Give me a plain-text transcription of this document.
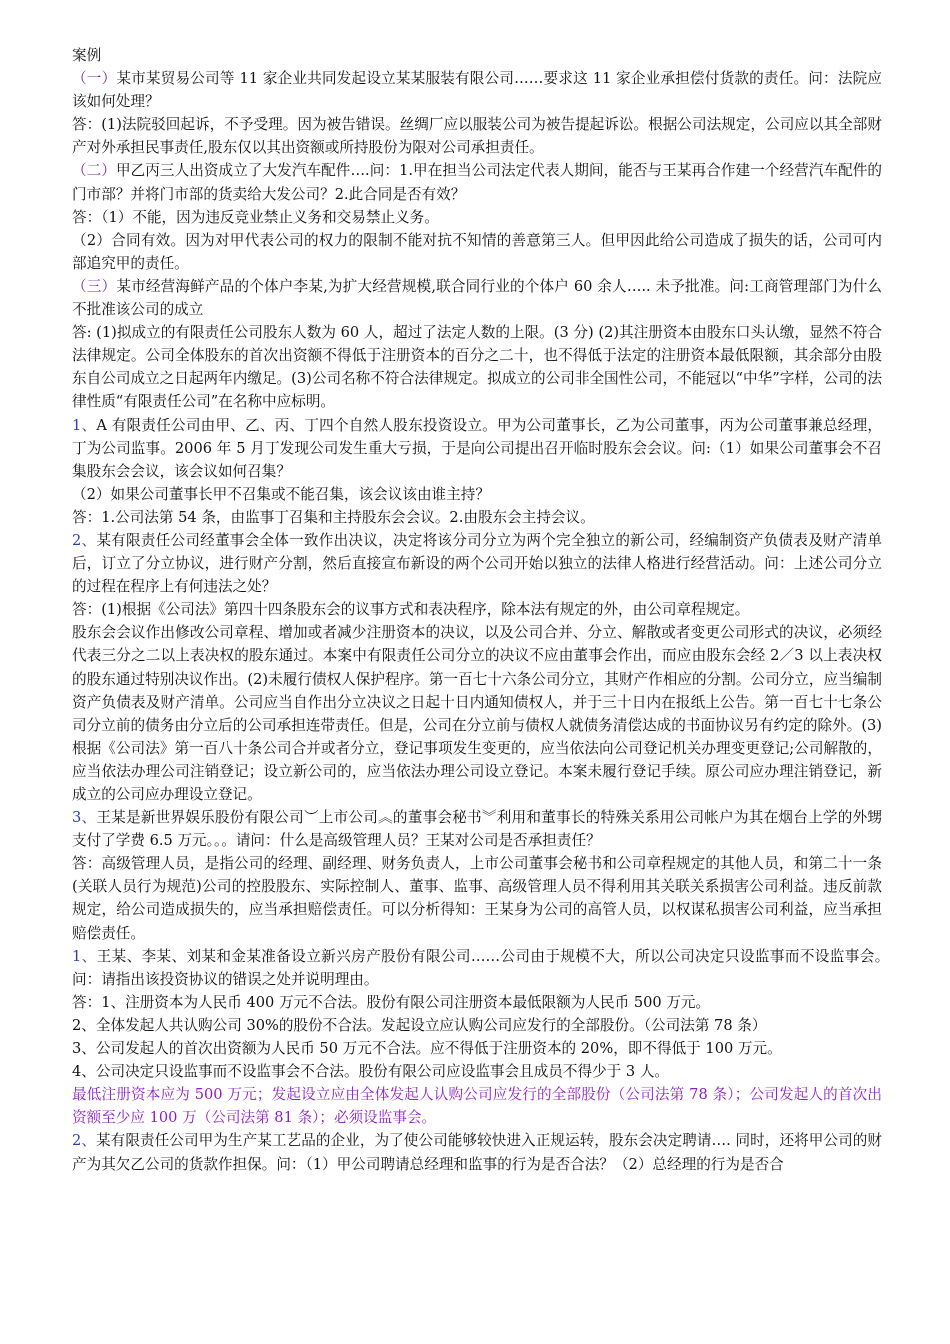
案例

（一）某市某贸易公司等 11 家企业共同发起设立某某服装有限公司……要求这 11 家企业承担偿付货款的责任。问：法院应该如何处理？

答：(1)法院驳回起诉，不予受理。因为被告错误。丝绸厂应以服装公司为被告提起诉讼。根据公司法规定，公司应以其全部财产对外承担民事责任,股东仅以其出资额或所持股份为限对公司承担责任。

（二）甲乙丙三人出资成立了大发汽车配件….问：1.甲在担当公司法定代表人期间，能否与王某再合作建一个经营汽车配件的门市部？并将门市部的货卖给大发公司？2.此合同是否有效？

答：（1）不能，因为违反竞业禁止义务和交易禁止义务。

（2）合同有效。因为对甲代表公司的权力的限制不能对抗不知情的善意第三人。但甲因此给公司造成了损失的话，公司可内部追究甲的责任。

（三）某市经营海鲜产品的个体户李某,为扩大经营规模,联合同行业的个体户 60 余人….. 未予批准。问:工商管理部门为什么不批准该公司的成立

答: (1)拟成立的有限责任公司股东人数为 60 人，超过了法定人数的上限。(3 分) (2)其注册资本由股东口头认缴，显然不符合法律规定。公司全体股东的首次出资额不得低于注册资本的百分之二十，也不得低于法定的注册资本最低限额，其余部分由股东自公司成立之日起两年内缴足。(3)公司名称不符合法律规定。拟成立的公司非全国性公司，不能冠以“中华”字样，公司的法律性质“有限责任公司”在名称中应标明。

1、A 有限责任公司由甲、乙、丙、丁四个自然人股东投资设立。甲为公司董事长，乙为公司董事，丙为公司董事兼总经理，丁为公司监事。2006 年 5 月丁发现公司发生重大亏损，于是向公司提出召开临时股东会会议。问:（1）如果公司董事会不召集股东会会议，该会议如何召集？

（2）如果公司董事长甲不召集或不能召集，该会议该由谁主持？

答：1.公司法第 54 条，由监事丁召集和主持股东会会议。2.由股东会主持会议。

2、某有限责任公司经董事会全体一致作出决议，决定将该分司分立为两个完全独立的新公司，经编制资产负债表及财产清单后，订立了分立协议，进行财产分割，然后直接宣布新设的两个公司开始以独立的法律人格进行经营活动。问：上述公司分立的过程在程序上有何违法之处？

答：(1)根据《公司法》第四十四条股东会的议事方式和表决程序，除本法有规定的外，由公司章程规定。

股东会会议作出修改公司章程、增加或者减少注册资本的决议，以及公司合并、分立、解散或者变更公司形式的决议，必须经代表三分之二以上表决权的股东通过。本案中有限责任公司分立的决议不应由董事会作出，而应由股东会经 2／3 以上表决权的股东通过特别决议作出。(2)未履行债权人保护程序。第一百七十六条公司分立，其财产作相应的分割。公司分立，应当编制资产负债表及财产清单。公司应当自作出分立决议之日起十日内通知债权人，并于三十日内在报纸上公告。第一百七十七条公司分立前的债务由分立后的公司承担连带责任。但是，公司在分立前与债权人就债务清偿达成的书面协议另有约定的除外。(3)根据《公司法》第一百八十条公司合并或者分立，登记事项发生变更的，应当依法向公司登记机关办理变更登记;公司解散的，应当依法办理公司注销登记；设立新公司的，应当依法办理公司设立登记。本案未履行登记手续。原公司应办理注销登记，新成立的公司应办理设立登记。

3、王某是新世界娱乐股份有限公司︶上市公司︽的董事会秘书︾利用和董事长的特殊关系用公司帐户为其在烟台上学的外甥支付了学费 6.5 万元。。。请问：什么是高级管理人员？王某对公司是否承担责任？

答：高级管理人员，是指公司的经理、副经理、财务负责人，上市公司董事会秘书和公司章程规定的其他人员，和第二十一条(关联人员行为规范)公司的控股股东、实际控制人、董事、监事、高级管理人员不得利用其关联关系损害公司利益。违反前款规定，给公司造成损失的，应当承担赔偿责任。可以分析得知：王某身为公司的高管人员，以权谋私损害公司利益，应当承担赔偿责任。

1、王某、李某、刘某和金某准备设立新兴房产股份有限公司……公司由于规模不大，所以公司决定只设监事而不设监事会。　　问：请指出该投资协议的错误之处并说明理由。

答：1、注册资本为人民币 400 万元不合法。股份有限公司注册资本最低限额为人民币 500 万元。

2、全体发起人共认购公司 30%的股份不合法。发起设立应认购公司应发行的全部股份。（公司法第 78 条）

3、公司发起人的首次出资额为人民币 50 万元不合法。应不得低于注册资本的 20%，即不得低于 100 万元。

4、公司决定只设监事而不设监事会不合法。股份有限公司应设监事会且成员不得少于 3 人。

最低注册资本应为 500 万元；发起设立应由全体发起人认购公司应发行的全部股份（公司法第 78 条）；公司发起人的首次出资额至少应 100 万（公司法第 81 条）；必须设监事会。

2、某有限责任公司甲为生产某工艺品的企业，为了使公司能够较快进入正规运转，股东会决定聘请…. 同时，还将甲公司的财产为其欠乙公司的货款作担保。问：（1）甲公司聘请总经理和监事的行为是否合法？（2）总经理的行为是否合
